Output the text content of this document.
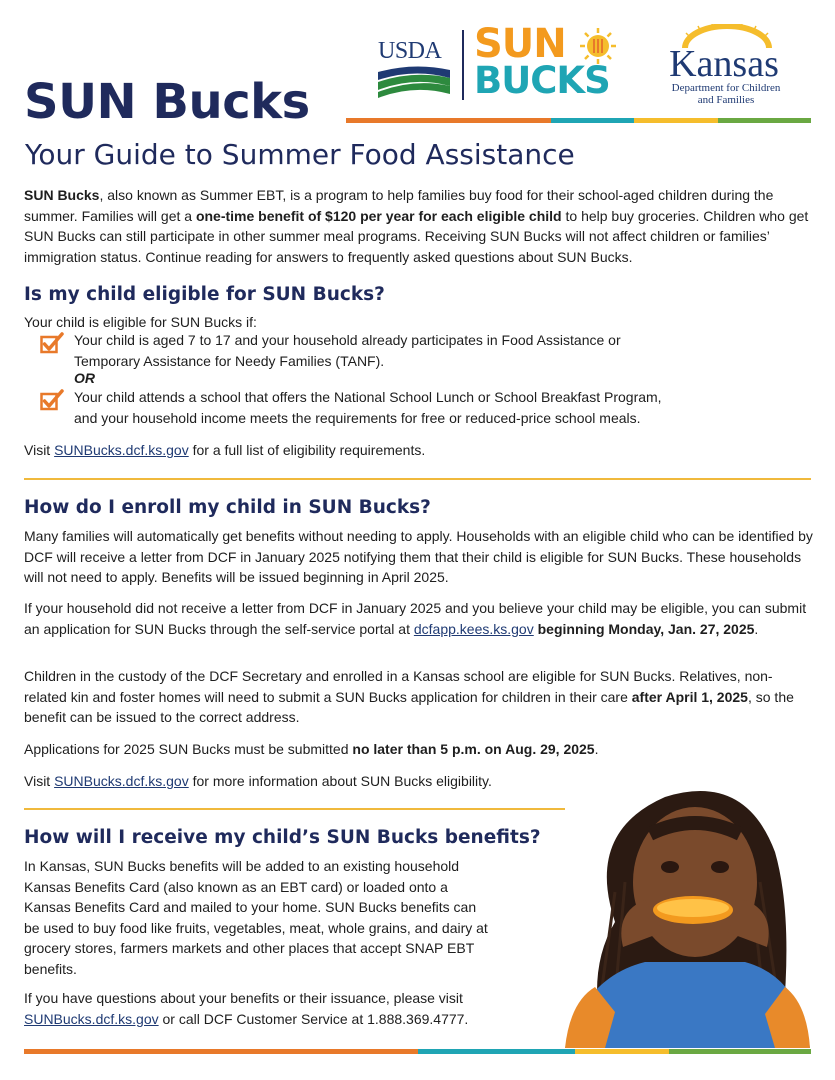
USDA SUN
BUCKS	Kansas
Department for Children
and Families
SUN Bucks
Your Guide to Summer Food Assistance
SUN Bucks, also known as Summer EBT, is a program to help families buy food for their school-aged children during the summer. Families will get a one-time benefit of $120 per year for each eligible child to help buy groceries. Children who get SUN Bucks can still participate in other summer meal programs. Receiving SUN Bucks will not affect children or families’ immigration status. Continue reading for answers to frequently asked questions about SUN Bucks.
Is my child eligible for SUN Bucks?
Your child is eligible for SUN Bucks if:
Your child is aged 7 to 17 and your household already participates in Food Assistance or
Temporary Assistance for Needy Families (TANF).
OR
Your child attends a school that offers the National School Lunch or School Breakfast Program,
and your household income meets the requirements for free or reduced-price school meals.
Visit SUNBucks.dcf.ks.gov for a full list of eligibility requirements.
How do I enroll my child in SUN Bucks?
Many families will automatically get benefits without needing to apply. Households with an eligible child who can be identified by DCF will receive a letter from DCF in January 2025 notifying them that their child is eligible for SUN Bucks. These households will not need to apply. Benefits will be issued beginning in April 2025.
If your household did not receive a letter from DCF in January 2025 and you believe your child may be eligible, you can submit an application for SUN Bucks through the self-service portal at dcfapp.kees.ks.gov beginning Monday, Jan. 27, 2025.
Children in the custody of the DCF Secretary and enrolled in a Kansas school are eligible for SUN Bucks. Relatives, non-related kin and foster homes will need to submit a SUN Bucks application for children in their care after April 1, 2025, so the benefit can be issued to the correct address.
Applications for 2025 SUN Bucks must be submitted no later than 5 p.m. on Aug. 29, 2025.
Visit SUNBucks.dcf.ks.gov for more information about SUN Bucks eligibility.
How will I receive my child’s SUN Bucks benefits?
In Kansas, SUN Bucks benefits will be added to an existing household Kansas Benefits Card (also known as an EBT card) or loaded onto a Kansas Benefits Card and mailed to your home. SUN Bucks benefits can be used to buy food like fruits, vegetables, meat, whole grains, and dairy at grocery stores, farmers markets and other places that accept SNAP EBT benefits.
If you have questions about your benefits or their issuance, please visit SUNBucks.dcf.ks.gov or call DCF Customer Service at 1.888.369.4777.
